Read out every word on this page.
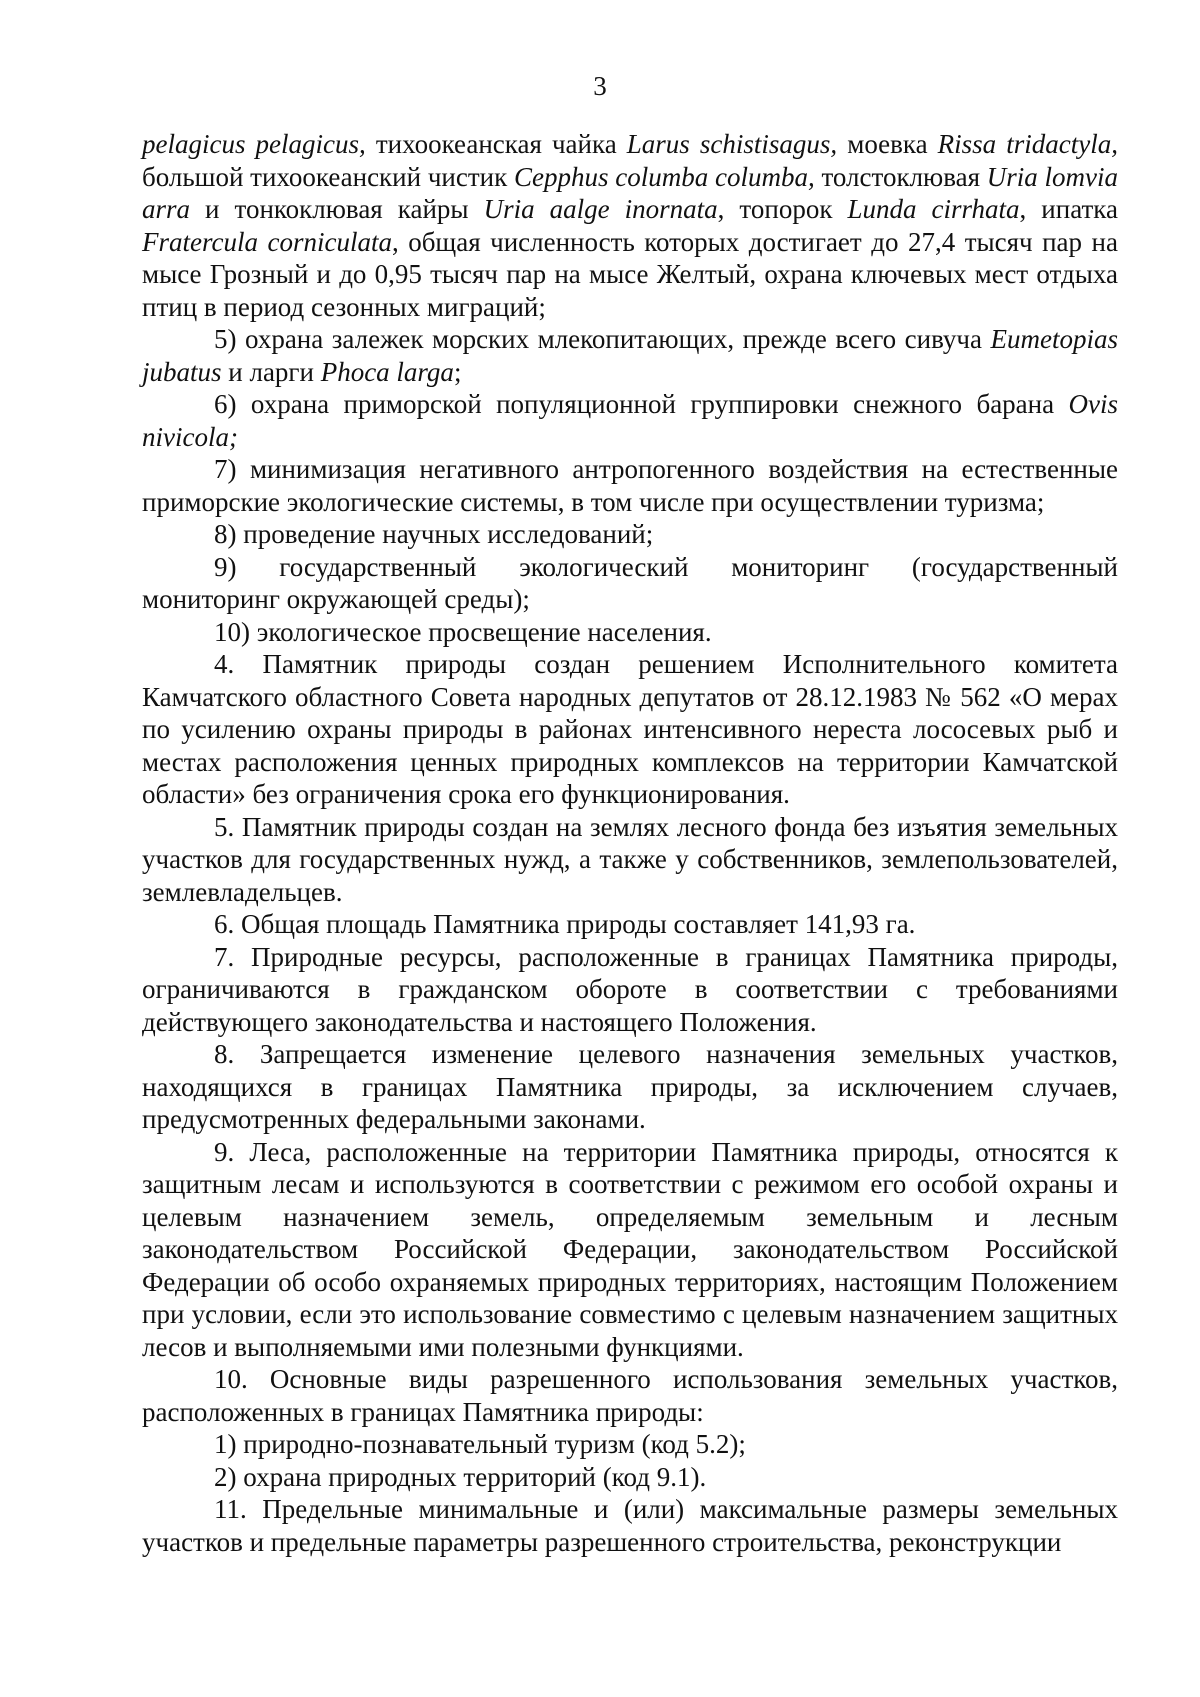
3

pelagicus pelagicus, тихоокеанская чайка Larus schistisagus, моевка Rissa tridactyla, большой тихоокеанский чистик Cepphus columba columba, толстоклювая Uria lomvia arra и тонкоклювая кайры Uria aalge inornata, топорок Lunda cirrhata, ипатка Fratercula corniculata, общая численность которых достигает до 27,4 тысяч пар на мысе Грозный и до 0,95 тысяч пар на мысе Желтый, охрана ключевых мест отдыха птиц в период сезонных миграций;

5) охрана залежек морских млекопитающих, прежде всего сивуча Eumetopias jubatus и ларги Phoca larga;

6) охрана приморской популяционной группировки снежного барана Ovis nivicola;

7) минимизация негативного антропогенного воздействия на естественные приморские экологические системы, в том числе при осуществлении туризма;

8) проведение научных исследований;

9) государственный экологический мониторинг (государственный мониторинг окружающей среды);

10) экологическое просвещение населения.

4. Памятник природы создан решением Исполнительного комитета Камчатского областного Совета народных депутатов от 28.12.1983 № 562 «О мерах по усилению охраны природы в районах интенсивного нереста лососевых рыб и местах расположения ценных природных комплексов на территории Камчатской области» без ограничения срока его функционирования.

5. Памятник природы создан на землях лесного фонда без изъятия земельных участков для государственных нужд, а также у собственников, землепользователей, землевладельцев.

6. Общая площадь Памятника природы составляет 141,93 га.

7. Природные ресурсы, расположенные в границах Памятника природы, ограничиваются в гражданском обороте в соответствии с требованиями действующего законодательства и настоящего Положения.

8. Запрещается изменение целевого назначения земельных участков, находящихся в границах Памятника природы, за исключением случаев, предусмотренных федеральными законами.

9. Леса, расположенные на территории Памятника природы, относятся к защитным лесам и используются в соответствии с режимом его особой охраны и целевым назначением земель, определяемым земельным и лесным законодательством Российской Федерации, законодательством Российской Федерации об особо охраняемых природных территориях, настоящим Положением при условии, если это использование совместимо с целевым назначением защитных лесов и выполняемыми ими полезными функциями.

10. Основные виды разрешенного использования земельных участков, расположенных в границах Памятника природы:

1) природно-познавательный туризм (код 5.2);

2) охрана природных территорий (код 9.1).

11. Предельные минимальные и (или) максимальные размеры земельных участков и предельные параметры разрешенного строительства, реконструкции
